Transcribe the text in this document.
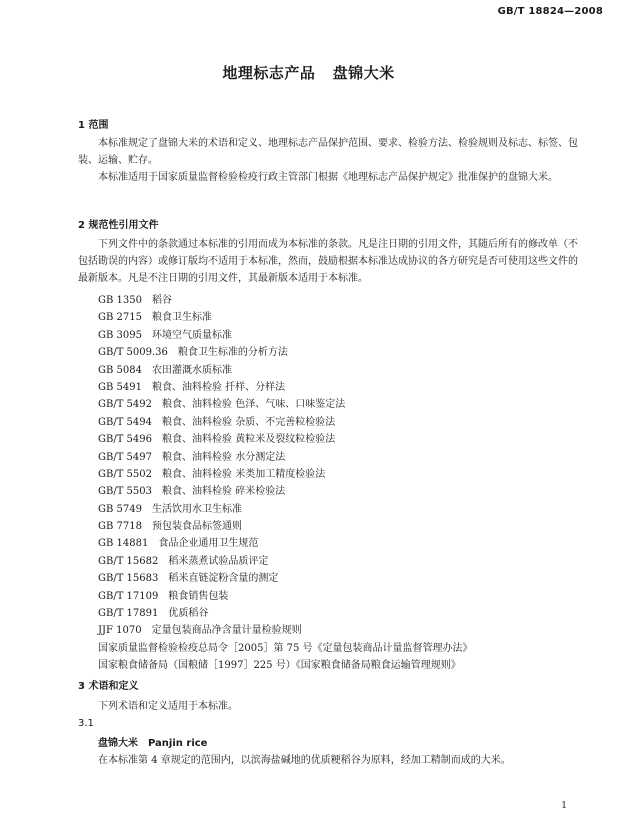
GB/T 18824—2008
地理标志产品   盘锦大米
1 范围

本标准规定了盘锦大米的术语和定义、地理标志产品保护范围、要求、检验方法、检验规则及标志、标签、包装、运输、贮存。

本标准适用于国家质量监督检验检疫行政主管部门根据《地理标志产品保护规定》批准保护的盘锦大米。

2 规范性引用文件

下列文件中的条款通过本标准的引用而成为本标准的条款。凡是注日期的引用文件，其随后所有的修改单（不包括勘误的内容）或修订版均不适用于本标准，然而，鼓励根据本标准达成协议的各方研究是否可使用这些文件的最新版本。凡是不注日期的引用文件，其最新版本适用于本标准。

GB 1350 稻谷
GB 2715 粮食卫生标准
GB 3095 环境空气质量标准
GB/T 5009.36 粮食卫生标准的分析方法
GB 5084 农田灌溉水质标准
GB 5491 粮食、油料检验 扦样、分样法
GB/T 5492 粮食、油料检验 色泽、气味、口味鉴定法
GB/T 5494 粮食、油料检验 杂质、不完善粒检验法
GB/T 5496 粮食、油料检验 黄粒米及裂纹粒检验法
GB/T 5497 粮食、油料检验 水分测定法
GB/T 5502 粮食、油料检验 米类加工精度检验法
GB/T 5503 粮食、油料检验 碎米检验法
GB 5749 生活饮用水卫生标准
GB 7718 预包装食品标签通则
GB 14881 食品企业通用卫生规范
GB/T 15682 稻米蒸煮试验品质评定
GB/T 15683 稻米直链淀粉含量的测定
GB/T 17109 粮食销售包装
GB/T 17891 优质稻谷
JJF 1070 定量包装商品净含量计量检验规则
国家质量监督检验检疫总局令［2005］第 75 号《定量包装商品计量监督管理办法》
国家粮食储备局（国粮储［1997］225 号）《国家粮食储备局粮食运输管理规则》
3 术语和定义
下列术语和定义适用于本标准。
3.1
盘锦大米 Panjin rice
在本标准第 4 章规定的范围内，以滨海盐碱地的优质粳稻谷为原料，经加工精制而成的大米。
1
